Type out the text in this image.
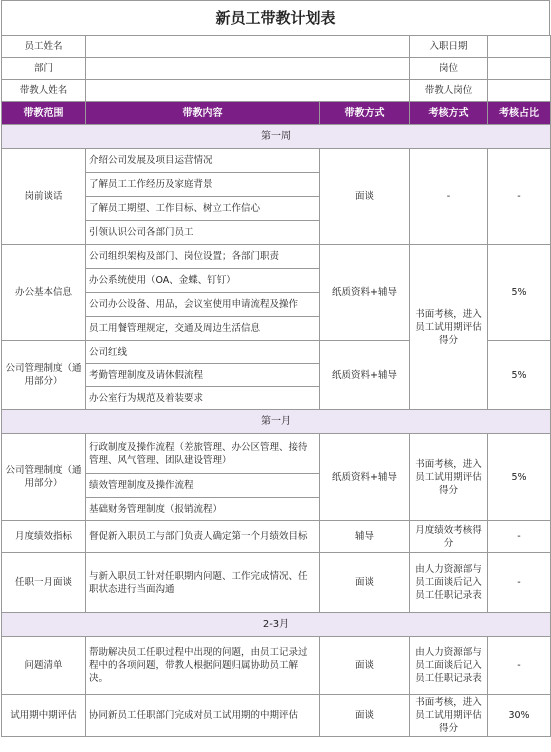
新员工带教计划表
员工姓名			入职日期	
部门			岗位	
带教人姓名			带教人岗位	
带教范围	带教内容	带教方式	考核方式	考核占比
第一周				
岗前谈话	介绍公司发展及项目运营情况	面谈	-	-
	了解员工工作经历及家庭背景			
	了解员工期望、工作目标、树立工作信心			
	引领认识公司各部门员工			
办公基本信息	公司组织架构及部门、岗位设置；各部门职责	纸质资料+辅导	书面考核，进入员工试用期评估得分	5%
	办公系统使用（OA、金蝶、钉钉）			
	公司办公设备、用品，会议室使用申请流程及操作			
	员工用餐管理规定，交通及周边生活信息			
公司管理制度（通用部分）	公司红线	纸质资料+辅导		5%
	考勤管理制度及请休假流程			
	办公室行为规范及着装要求			
第一月				
公司管理制度（通用部分）	行政制度及操作流程（差旅管理、办公区管理、接待管理、风气管理、团队建设管理）	纸质资料+辅导	书面考核，进入员工试用期评估得分	5%
	绩效管理制度及操作流程			
	基础财务管理制度（报销流程）			
月度绩效指标	督促新入职员工与部门负责人确定第一个月绩效目标	辅导	月度绩效考核得分	-
任职一月面谈	与新入职员工针对任职期内问题、工作完成情况、任职状态进行当面沟通	面谈	由人力资源部与员工面谈后记入员工任职记录表	-
2-3月				
问题清单	帮助解决员工任职过程中出现的问题，由员工记录过程中的各项问题，带教人根据问题归属协助员工解决。	面谈	由人力资源部与员工面谈后记入员工任职记录表	-
试用期中期评估	协同新员工任职部门完成对员工试用期的中期评估	面谈	书面考核，进入员工试用期评估得分	30%
